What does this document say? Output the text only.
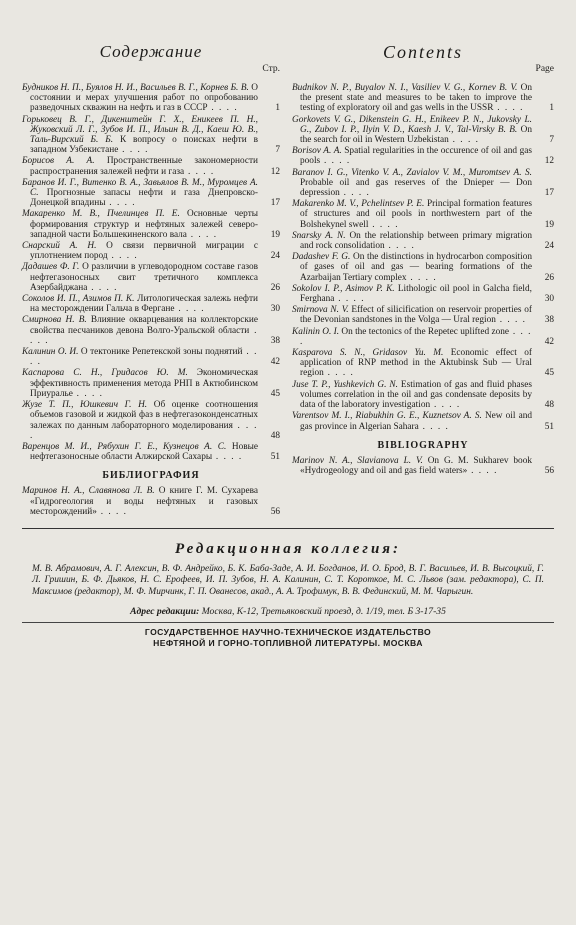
Содержание
Стр.
Будников Н. П., Буялов Н. И., Васильев В. Г., Корнев Б. В. О состоянии и мерах улучшения работ по опробованию разведочных скважин на нефть и газ в СССР . . . .	1
Горьковец В. Г., Дикенштейн Г. Х., Еникеев П. Н., Жуковский Л. Г., Зубов И. П., Ильин В. Д., Каеш Ю. В., Таль-Вирский Б. Б. К вопросу о поисках нефти в западном Узбекистане . . . .	7
Борисов А. А. Пространственные закономерности распространения залежей нефти и газа . . . .	12
Баранов И. Г., Витенко В. А., Завьялов В. М., Муромцев А. С. Прогнозные запасы нефти и газа Днепровско-Донецкой впадины . . . .	17
Макаренко М. В., Пчелинцев П. Е. Основные черты формирования структур и нефтяных залежей северо-западной части Большекиненского вала . . . .	19
Снарский А. Н. О связи первичной миграции с уплотнением пород . . . .	24
Дадашев Ф. Г. О различии в углеводородном составе газов нефтегазоносных свит третичного комплекса Азербайджана . . . .	26
Соколов И. П., Азимов П. К. Литологическая залежь нефти на месторождении Гальча в Фергане . . . .	30
Смирнова Н. В. Влияние окварцевания на коллекторские свойства песчаников девона Волго-Уральской области . . . .	38
Калинин О. И. О тектонике Репетекской зоны поднятий . . . .	42
Каспарова С. Н., Гридасов Ю. М. Экономическая эффективность применения метода РНП в Актюбинском Приуралье . . . .	45
Жузе Т. П., Юшкевич Г. Н. Об оценке соотношения объемов газовой и жидкой фаз в нефтегазоконденсатных залежах по данным лабораторного моделирования . . . .	48
Варенцов М. И., Рябухин Г. Е., Кузнецов А. С. Новые нефтегазоносные области Алжирской Сахары . . . .	51
БИБЛИОГРАФИЯ
Маринов Н. А., Славянова Л. В. О книге Г. М. Сухарева «Гидрогеология и воды нефтяных и газовых месторождений» . . . .	56
Contents
Page
Budnikov N. P., Buyalov N. I., Vasiliev V. G., Kornev B. V. On the present state and measures to be taken to improve the testing of exploratory oil and gas wells in the USSR . . . .	1
Gorkovets V. G., Dikenstein G. H., Enikeev P. N., Jukovsky L. G., Zubov I. P., Ilyin V. D., Kaesh J. V., Tal-Virsky B. B. On the search for oil in Western Uzbekistan . . . .	7
Borisov A. A. Spatial regularities in the occurence of oil and gas pools . . . .	12
Baranov I. G., Vitenko V. A., Zavialov V. M., Muromtsev A. S. Probable oil and gas reserves of the Dnieper — Don depression . . . .	17
Makarenko M. V., Pchelintsev P. E. Principal formation features of structures and oil pools in northwestern part of the Bolshekynel swell . . . .	19
Snarsky A. N. On the relationship between primary migration and rock consolidation . . . .	24
Dadashev F. G. On the distinctions in hydrocarbon composition of gases of oil and gas — bearing formations of the Azarbaijan Tertiary complex . . . .	26
Sokolov I. P., Asimov P. K. Lithologic oil pool in Galcha field, Ferghana . . . .	30
Smirnova N. V. Effect of silicification on reservoir properties of the Devonian sandstones in the Volga — Ural region . . . .	38
Kalinin O. I. On the tectonics of the Repetec uplifted zone . . . .	42
Kasparova S. N., Gridasov Yu. M. Economic effect of application of RNP method in the Aktubinsk Sub — Ural region . . . .	45
Juse T. P., Yushkevich G. N. Estimation of gas and fluid phases volumes correlation in the oil and gas condensate deposits by data of the laboratory investigation . . . .	48
Varentsov M. I., Riabukhin G. E., Kuznetsov A. S. New oil and gas province in Algerian Sahara . . . .	51
BIBLIOGRAPHY
Marinov N. A., Slavianova L. V. On G. M. Sukharev book «Hydrogeology and oil and gas field waters» . . . .	56
Редакционная коллегия:
М. В. Абрамович, А. Г. Алексин, В. Ф. Андрейко, Б. К. Баба-Заде, А. И. Богданов, И. О. Брод, В. Г. Васильев, И. В. Высоцкий, Г. Л. Гришин, Б. Ф. Дьяков, Н. С. Ерофеев, И. П. Зубов, Н. А. Калинин, С. Т. Короткое, М. С. Львов (зам. редактора), С. П. Максимов (редактор), М. Ф. Мирчинк, Г. П. Ованесов, акад., А. А. Трофимук, В. В. Фединский, М. М. Чарыгин.
Адрес редакции: Москва, К-12, Третьяковский проезд, д. 1/19, тел. Б 3-17-35
ГОСУДАРСТВЕННОЕ НАУЧНО-ТЕХНИЧЕСКОЕ ИЗДАТЕЛЬСТВО
НЕФТЯНОЙ И ГОРНО-ТОПЛИВНОЙ ЛИТЕРАТУРЫ. МОСКВА
